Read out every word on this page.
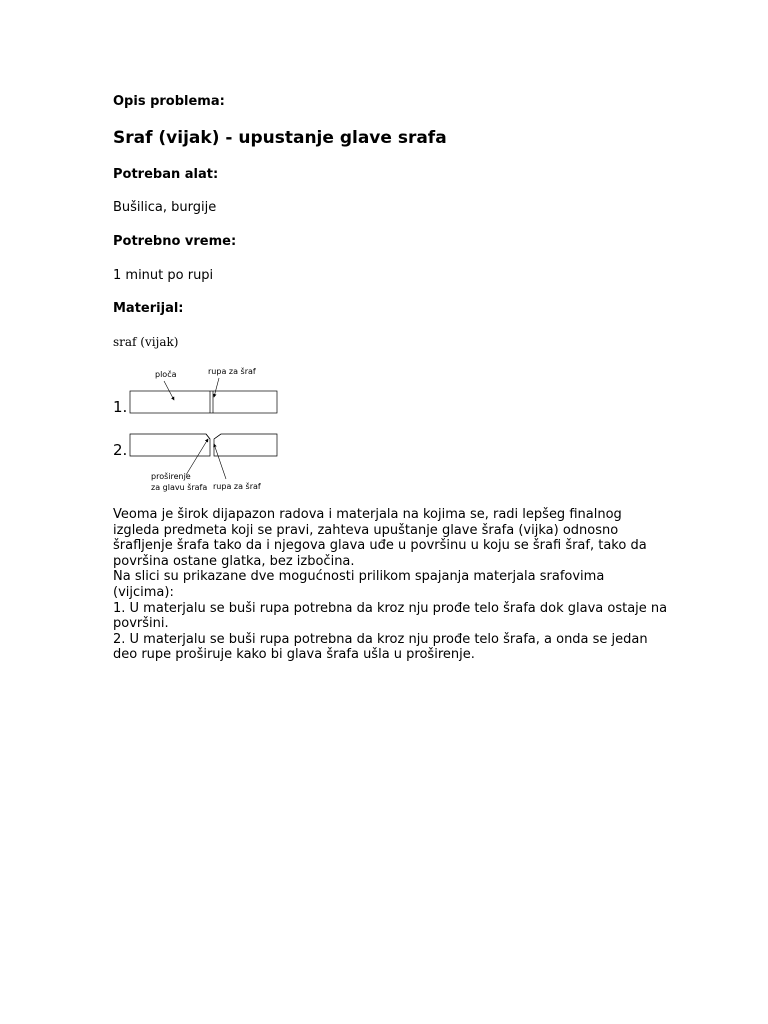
Opis problema:
Sraf (vijak) - upustanje glave srafa
Potreban alat:
Bušilica, burgije
Potrebno vreme:
1 minut po rupi
Materijal:
sraf (vijak)
ploča	rupa za šraf
1.
2.
proširenje
za glavu šrafa rupa za šraf
Veoma je širok dijapazon radova i materjala na kojima se, radi lepšeg finalnog
izgleda predmeta koji se pravi, zahteva upuštanje glave šrafa (vijka) odnosno
šrafljenje šrafa tako da i njegova glava uđe u površinu u koju se šrafi šraf, tako da
površina ostane glatka, bez izbočina.
Na slici su prikazane dve mogućnosti prilikom spajanja materjala srafovima
(vijcima):
1. U materjalu se buši rupa potrebna da kroz nju prođe telo šrafa dok glava ostaje na
površini.
2. U materjalu se buši rupa potrebna da kroz nju prođe telo šrafa, a onda se jedan
deo rupe proširuje kako bi glava šrafa ušla u proširenje.
